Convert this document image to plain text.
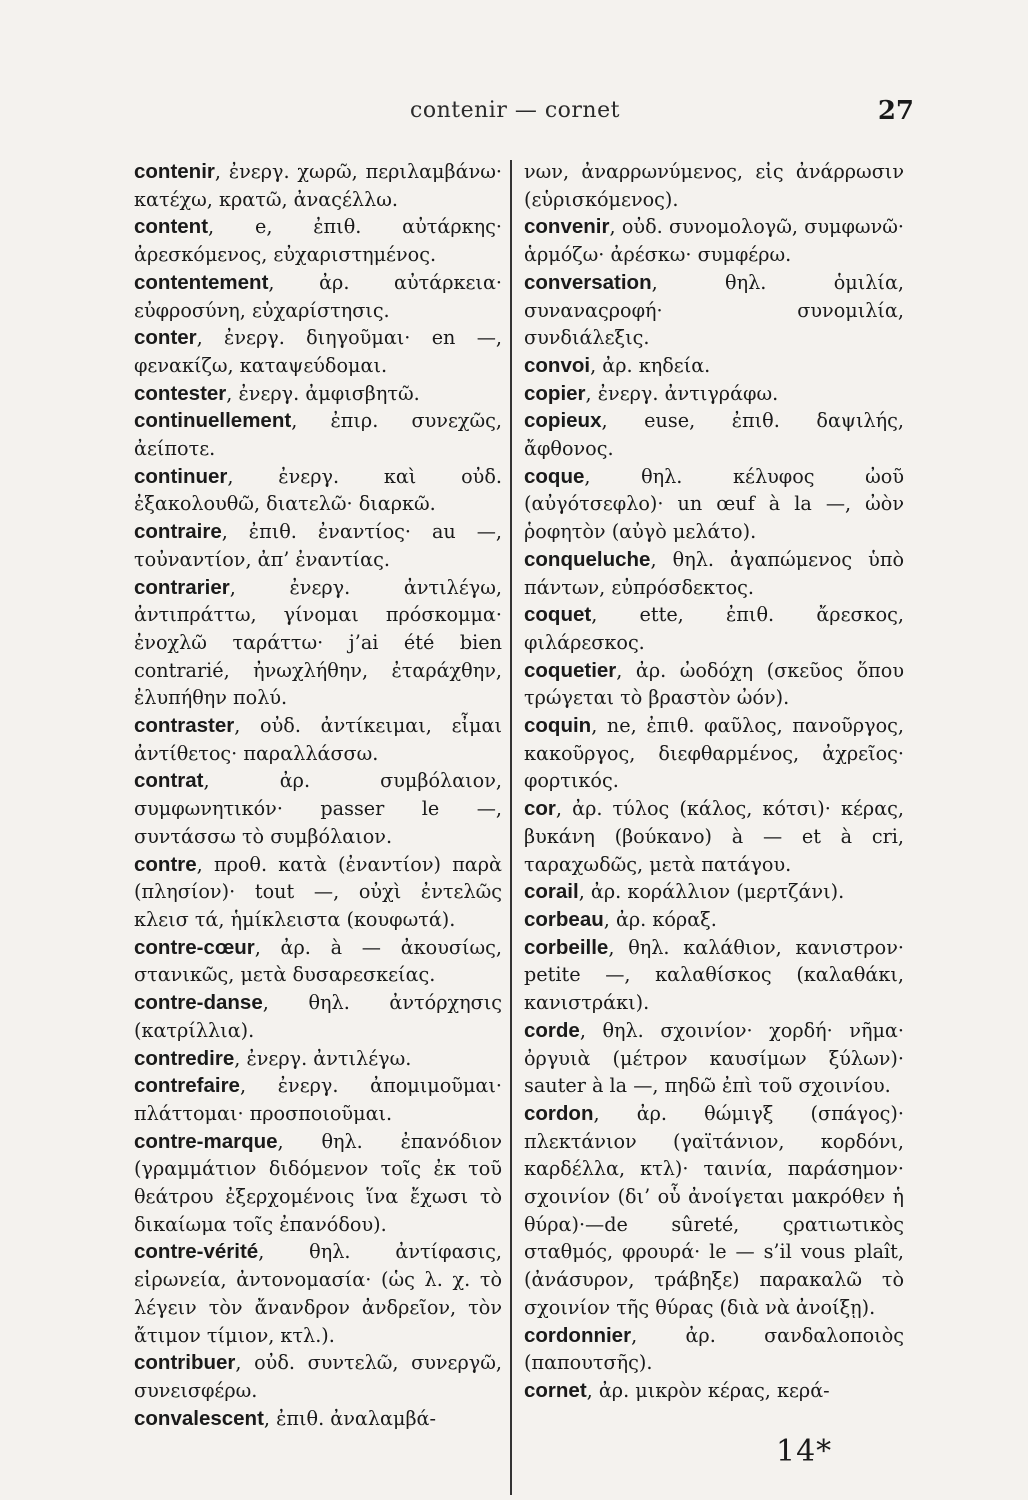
contenir — cornet	27
contenir, ἐνεργ. χωρῶ, περιλαμβάνω· κατέχω, κρατῶ, ἀναςέλλω.
content, e, ἐπιθ. αὐτάρκης· ἀρεσκόμενος, εὐχαριστημένος.
contentement, ἀρ. αὐτάρκεια· εὐφροσύνη, εὐχαρίστησις.
conter, ἐνεργ. διηγοῦμαι· en —, φενακίζω, καταψεύδομαι.
contester, ἐνεργ. ἀμφισβητῶ.
continuellement, ἐπιρ. συνεχῶς, ἀείποτε.
continuer, ἐνεργ. καὶ οὐδ. ἐξακολουθῶ, διατελῶ· διαρκῶ.
contraire, ἐπιθ. ἐναντίος· au —, τοὐναντίον, ἀπ’ ἐναντίας.
contrarier, ἐνεργ. ἀντιλέγω, ἀντιπράττω, γίνομαι πρόσκομμα· ἐνοχλῶ ταράττω· j’ai été bien contrarié, ἠνωχλήθην, ἐταράχθην, ἐλυπήθην πολύ.
contraster, οὐδ. ἀντίκειμαι, εἶμαι ἀντίθετος· παραλλάσσω.
contrat, ἀρ. συμβόλαιον, συμφωνητικόν· passer le —, συντάσσω τὸ συμβόλαιον.
contre, προθ. κατὰ (ἐναντίον) παρὰ (πλησίον)· tout —, οὐχὶ ἐντελῶς κλεισ τά, ἡμίκλειστα (κουφωτά).
contre-cœur, ἀρ. à — ἀκουσίως, στανικῶς, μετὰ δυσαρεσκείας.
contre-danse, θηλ. ἀντόρχησις (κατρίλλια).
contredire, ἐνεργ. ἀντιλέγω.
contrefaire, ἐνεργ. ἀπομιμοῦμαι· πλάττομαι· προσποιοῦμαι.
contre-marque, θηλ. ἐπανόδιον (γραμμάτιον διδόμενον τοῖς ἐκ τοῦ θεάτρου ἐξερχομένοις ἵνα ἔχωσι τὸ δικαίωμα τοῖς ἐπανόδου).
contre-vérité, θηλ. ἀντίφασις, εἰρωνεία, ἀντονομασία· (ὡς λ. χ. τὸ λέγειν τὸν ἄνανδρον ἀνδρεῖον, τὸν ἄτιμον τίμιον, κτλ.).
contribuer, οὐδ. συντελῶ, συνεργῶ, συνεισφέρω.
convalescent, ἐπιθ. ἀναλαμβά-
νων, ἀναρρωνύμενος, εἰς ἀνάρρωσιν (εὑρισκόμενος).
convenir, οὐδ. συνομολογῶ, συμφωνῶ· ἁρμόζω· ἀρέσκω· συμφέρω.
conversation, θηλ. ὁμιλία, συναναςροφή· συνομιλία, συνδιάλεξις.
convoi, ἀρ. κηδεία.
copier, ἐνεργ. ἀντιγράφω.
copieux, euse, ἐπιθ. δαψιλής, ἄφθονος.
coque, θηλ. κέλυφος ὠοῦ (αὐγότσεφλο)· un œuf à la —, ὠὸν ῥοφητὸν (αὐγὸ μελάτο).
conqueluche, θηλ. ἀγαπώμενος ὑπὸ πάντων, εὐπρόσδεκτος.
coquet, ette, ἐπιθ. ἄρεσκος, φιλάρεσκος.
coquetier, ἀρ. ὠοδόχη (σκεῦος ὅπου τρώγεται τὸ βραστὸν ὠόν).
coquin, ne, ἐπιθ. φαῦλος, πανοῦργος, κακοῦργος, διεφθαρμένος, ἀχρεῖος· φορτικός.
cor, ἀρ. τύλος (κάλος, κότσι)· κέρας, βυκάνη (βούκανο) à — et à cri, ταραχωδῶς, μετὰ πατάγου.
corail, ἀρ. κοράλλιον (μερτζάνι).
corbeau, ἀρ. κόραξ.
corbeille, θηλ. καλάθιον, κανιστρον· petite —, καλαθίσκος (καλαθάκι, κανιστράκι).
corde, θηλ. σχοινίον· χορδή· νῆμα· ὀργυιὰ (μέτρον καυσίμων ξύλων)· sauter à la —, πηδῶ ἐπὶ τοῦ σχοινίου.
cordon, ἀρ. θώμιγξ (σπάγος)· πλεκτάνιον (γαϊτάνιον, κορδόνι, καρδέλλα, κτλ)· ταινία, παράσημον· σχοινίον (δι’ οὗ ἀνοίγεται μακρόθεν ἡ θύρα)·—de sûreté, ςρατιωτικὸς σταθμός, φρουρά· le — s’il vous plaît, (ἀνάσυρον, τράβηξε) παρακαλῶ τὸ σχοινίον τῆς θύρας (διὰ νὰ ἀνοίξῃ).
cordonnier, ἀρ. σανδαλοποιὸς (παπουτσῆς).
cornet, ἀρ. μικρὸν κέρας, κερά-
14*
